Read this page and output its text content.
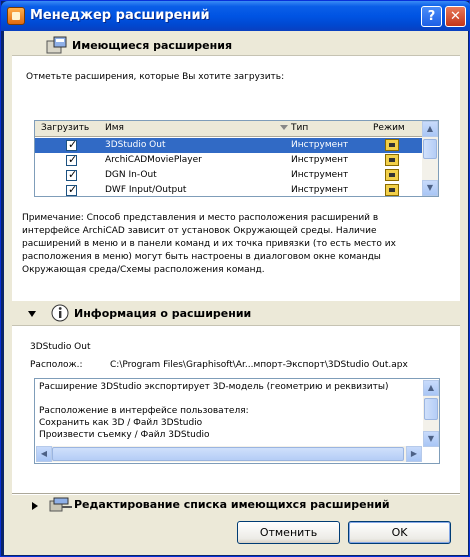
Менеджер расширений	?	✕
Имеющиеся расширения
Отметьте расширения, которые Вы хотите загрузить:
Загрузить Имя	Тип	Режим
✓
3DStudio Out	Инструмент
✓
ArchiCADMoviePlayer	Инструмент
✓
DGN In-Out	Инструмент
✓
DWF Input/Output	Инструмент
▲
▼
Примечание: Способ представления и место расположения расширений в
интерфейсе ArchiCAD зависит от установок Окружающей среды. Наличие
расширений в меню и в панели команд и их точка привязки (то есть место их
расположения в меню) могут быть настроены в диалоговом окне команды
Окружающая среда/Схемы расположения команд.
Информация о расширении
3DStudio Out
Располож.:	C:\Program Files\Graphisoft\Ar...мпорт-Экспорт\3DStudio Out.apx
Расширение 3DStudio экспортирует 3D-модель (геометрию и реквизиты)
Расположение в интерфейсе пользователя:
Сохранить как 3D / Файл 3DStudio
Произвести съемку / Файл 3DStudio
▲
▼
◀	▶
Редактирование списка имеющихся расширений
Отменить	OK
